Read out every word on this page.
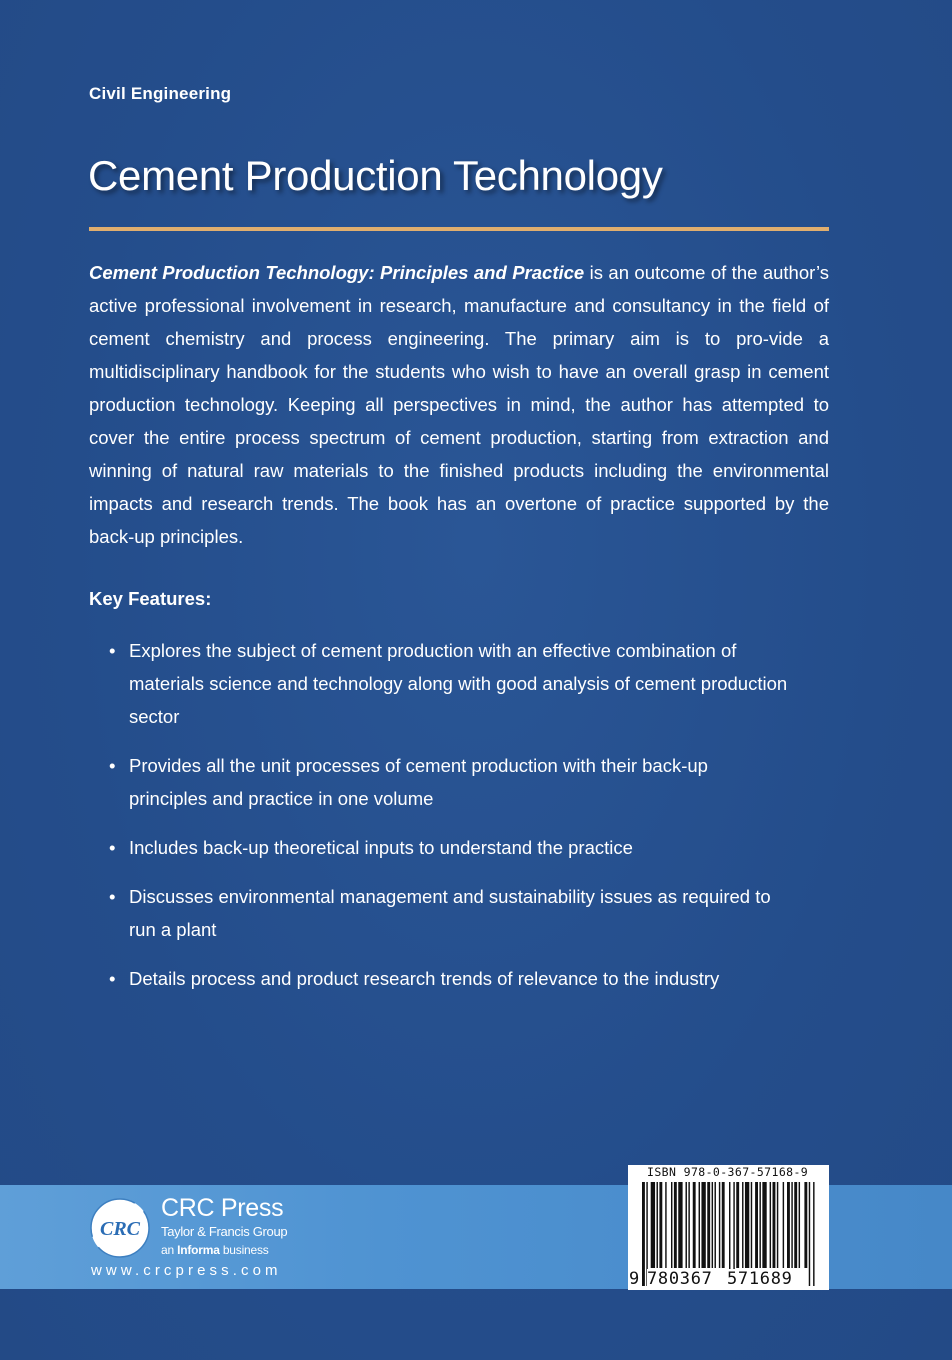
Civil Engineering
Cement Production Technology

Cement Production Technology: Principles and Practice is an outcome of the author’s active professional involvement in research, manufacture and consultancy in the field of cement chemistry and process engineering. The primary aim is to pro-vide a multidisciplinary handbook for the students who wish to have an overall grasp in cement production technology. Keeping all perspectives in mind, the author has attempted to cover the entire process spectrum of cement production, starting from extraction and winning of natural raw materials to the finished products including the environmental impacts and research trends. The book has an overtone of practice supported by the back-up principles.

Key Features:
• Explores the subject of cement production with an effective combination of materials science and technology along with good analysis of cement production sector
• Provides all the unit processes of cement production with their back-up principles and practice in one volume
• Includes back-up theoretical inputs to understand the practice
• Discusses environmental management and sustainability issues as required to run a plant
• Details process and product research trends of relevance to the industry
CRC
CRC Press
Taylor & Francis Group
an Informa business
www.crcpress.com
ISBN 978-0-367-57168-9
9 780367 571689
